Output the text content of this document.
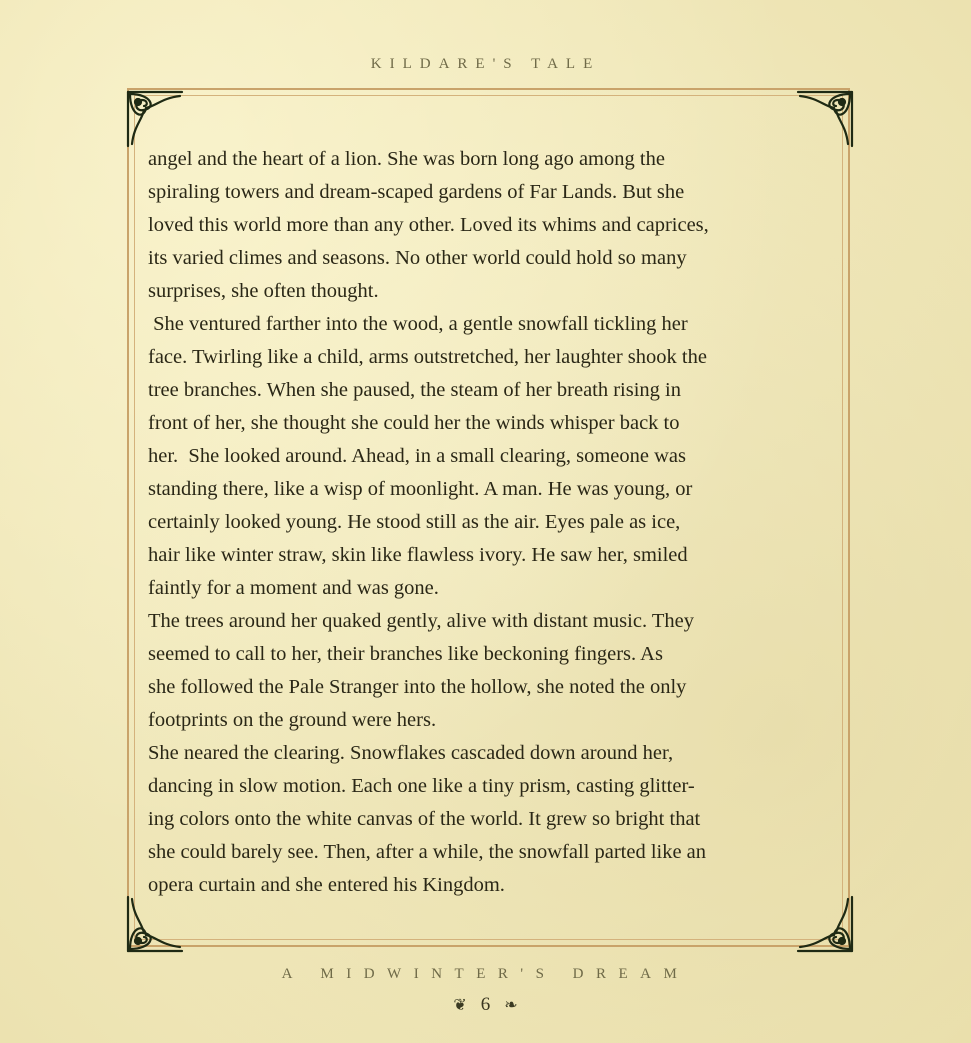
KILDARE'S TALE
angel and the heart of a lion. She was born long ago among the
spiraling towers and dream-scaped gardens of Far Lands. But she
loved this world more than any other. Loved its whims and caprices,
its varied climes and seasons. No other world could hold so many
surprises, she often thought.
She ventured farther into the wood, a gentle snowfall tickling her
face. Twirling like a child, arms outstretched, her laughter shook the
tree branches. When she paused, the steam of her breath rising in
front of her, she thought she could her the winds whisper back to
her.  She looked around. Ahead, in a small clearing, someone was
standing there, like a wisp of moonlight. A man. He was young, or
certainly looked young. He stood still as the air. Eyes pale as ice,
hair like winter straw, skin like flawless ivory. He saw her, smiled
faintly for a moment and was gone.
The trees around her quaked gently, alive with distant music. They
seemed to call to her, their branches like beckoning fingers. As
she followed the Pale Stranger into the hollow, she noted the only
footprints on the ground were hers.
She neared the clearing. Snowflakes cascaded down around her,
dancing in slow motion. Each one like a tiny prism, casting glitter-
ing colors onto the white canvas of the world. It grew so bright that
she could barely see. Then, after a while, the snowfall parted like an
opera curtain and she entered his Kingdom.
A MIDWINTER'S DREAM
❦ 6 ❧
